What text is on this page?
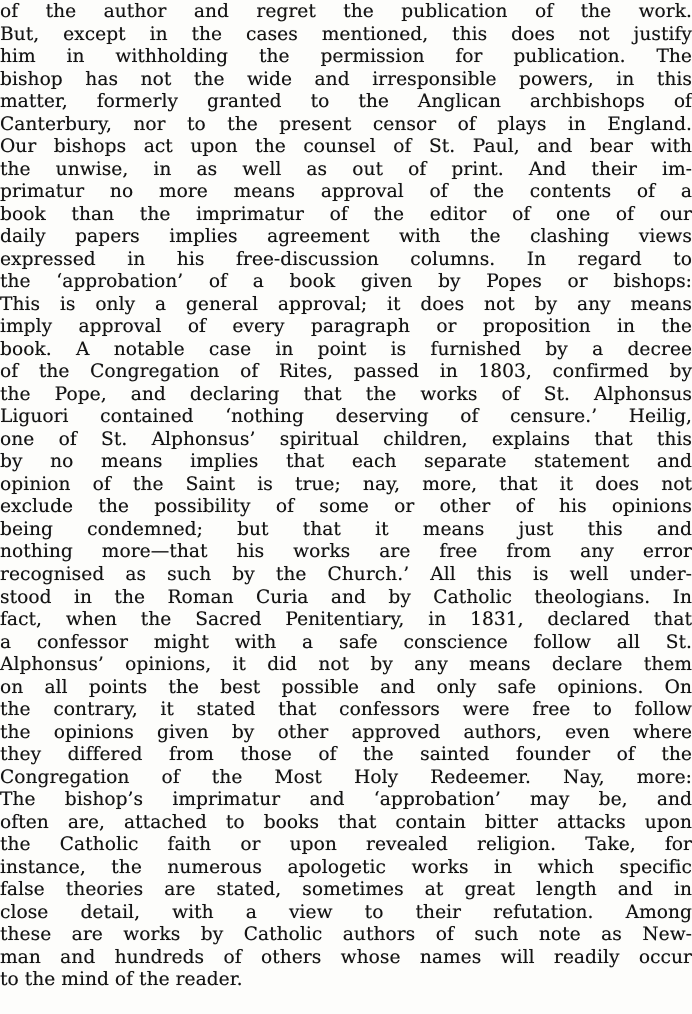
of the author and regret the publication of the work.
But, except in the cases mentioned, this does not justify
him in withholding the permission for publication. The
bishop has not the wide and irresponsible powers, in this
matter, formerly granted to the Anglican archbishops of
Canterbury, nor to the present censor of plays in England.
Our bishops act upon the counsel of St. Paul, and bear with
the unwise, in as well as out of print. And their im-
primatur no more means approval of the contents of a
book than the imprimatur of the editor of one of our
daily papers implies agreement with the clashing views
expressed in his free-discussion columns. In regard to
the ‘approbation’ of a book given by Popes or bishops:
This is only a general approval; it does not by any means
imply approval of every paragraph or proposition in the
book. A notable case in point is furnished by a decree
of the Congregation of Rites, passed in 1803, confirmed by
the Pope, and declaring that the works of St. Alphonsus
Liguori contained ‘nothing deserving of censure.’ Heilig,
one of St. Alphonsus’ spiritual children, explains that this
by no means implies that each separate statement and
opinion of the Saint is true; nay, more, that it does not
exclude the possibility of some or other of his opinions
being condemned; but that it means just this and
nothing more—that his works are free from any error
recognised as such by the Church.’ All this is well under-
stood in the Roman Curia and by Catholic theologians. In
fact, when the Sacred Penitentiary, in 1831, declared that
a confessor might with a safe conscience follow all St.
Alphonsus’ opinions, it did not by any means declare them
on all points the best possible and only safe opinions. On
the contrary, it stated that confessors were free to follow
the opinions given by other approved authors, even where
they differed from those of the sainted founder of the
Congregation of the Most Holy Redeemer. Nay, more:
The bishop’s imprimatur and ‘approbation’ may be, and
often are, attached to books that contain bitter attacks upon
the Catholic faith or upon revealed religion. Take, for
instance, the numerous apologetic works in which specific
false theories are stated, sometimes at great length and in
close detail, with a view to their refutation. Among
these are works by Catholic authors of such note as New-
man and hundreds of others whose names will readily occur
to the mind of the reader.
